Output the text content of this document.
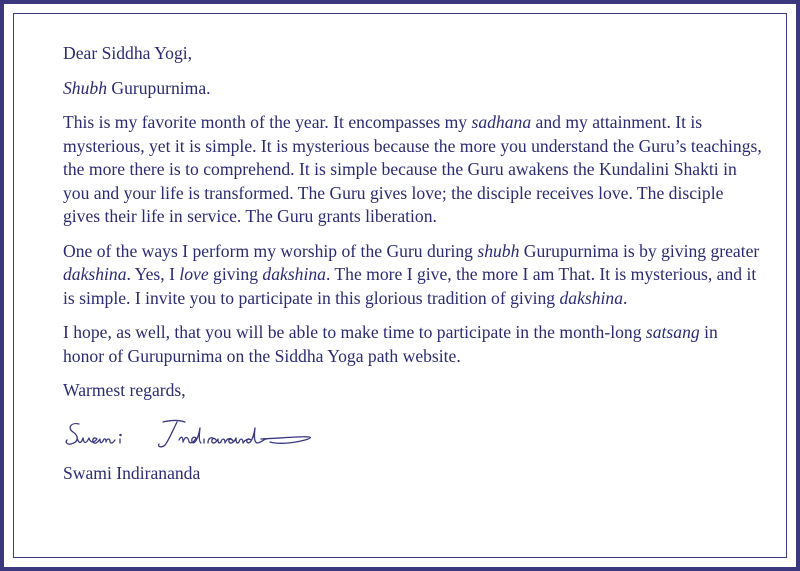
Dear Siddha Yogi,

Shubh Gurupurnima.

This is my favorite month of the year. It encompasses my sadhana and my attainment. It is mysterious, yet it is simple. It is mysterious because the more you understand the Guru’s teachings, the more there is to comprehend. It is simple because the Guru awakens the Kundalini Shakti in you and your life is transformed. The Guru gives love; the disciple receives love. The disciple gives their life in service. The Guru grants liberation.

One of the ways I perform my worship of the Guru during shubh Gurupurnima is by giving greater dakshina. Yes, I love giving dakshina. The more I give, the more I am That. It is mysterious, and it is simple. I invite you to participate in this glorious tradition of giving dakshina.

I hope, as well, that you will be able to make time to participate in the month-long satsang in honor of Gurupurnima on the Siddha Yoga path website.

Warmest regards,

Swami Indirananda
